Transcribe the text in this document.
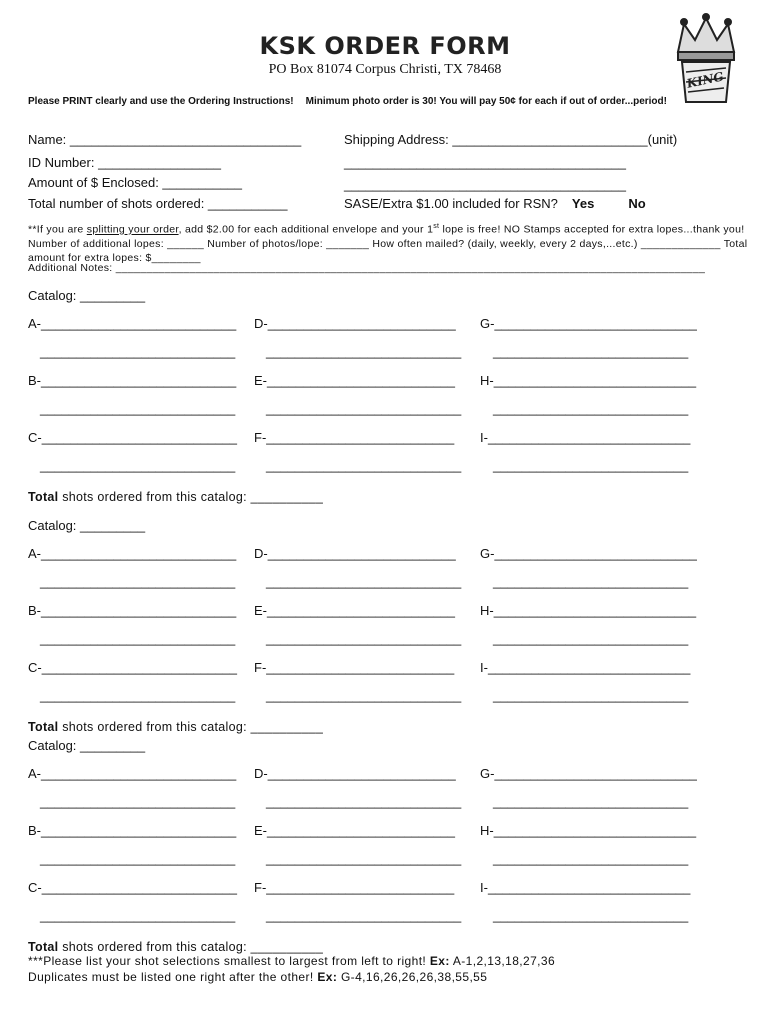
KSK ORDER FORM
PO Box 81074 Corpus Christi, TX 78468	KING
Please PRINT clearly and use the Ordering Instructions! Minimum photo order is 30! You will pay 50¢ for each if out of order...period!
Name: ________________________________	Shipping Address: ___________________________(unit)
ID Number: _________________	_______________________________________
Amount of $ Enclosed: ___________	_______________________________________
Total number of shots ordered: ___________	SASE/Extra $1.00 included for RSN? Yes	No
**If you are splitting your order, add $2.00 for each additional envelope and your 1st lope is free! NO Stamps accepted for extra lopes...thank you! Number of additional lopes: ______ Number of photos/lope: _______ How often mailed? (daily, weekly, every 2 days,...etc.) _____________ Total amount for extra lopes: $________
Additional Notes: ________________________________________________________________________________________________
Catalog: _________
A-___________________________
___________________________
D-__________________________
___________________________
G-____________________________
___________________________
B-___________________________
___________________________
E-__________________________
___________________________
H-____________________________
___________________________
C-___________________________
___________________________
F-__________________________
___________________________
I-____________________________
___________________________
Total shots ordered from this catalog: __________
Catalog: _________
A-___________________________
___________________________
D-__________________________
___________________________
G-____________________________
___________________________
B-___________________________
___________________________
E-__________________________
___________________________
H-____________________________
___________________________
C-___________________________
___________________________
F-__________________________
___________________________
I-____________________________
___________________________
Total shots ordered from this catalog: __________
Catalog: _________
A-___________________________
___________________________
D-__________________________
___________________________
G-____________________________
___________________________
B-___________________________
___________________________
E-__________________________
___________________________
H-____________________________
___________________________
C-___________________________
___________________________
F-__________________________
___________________________
I-____________________________
___________________________
Total shots ordered from this catalog: __________
***Please list your shot selections smallest to largest from left to right! Ex: A-1,2,13,18,27,36
Duplicates must be listed one right after the other! Ex: G-4,16,26,26,26,38,55,55
